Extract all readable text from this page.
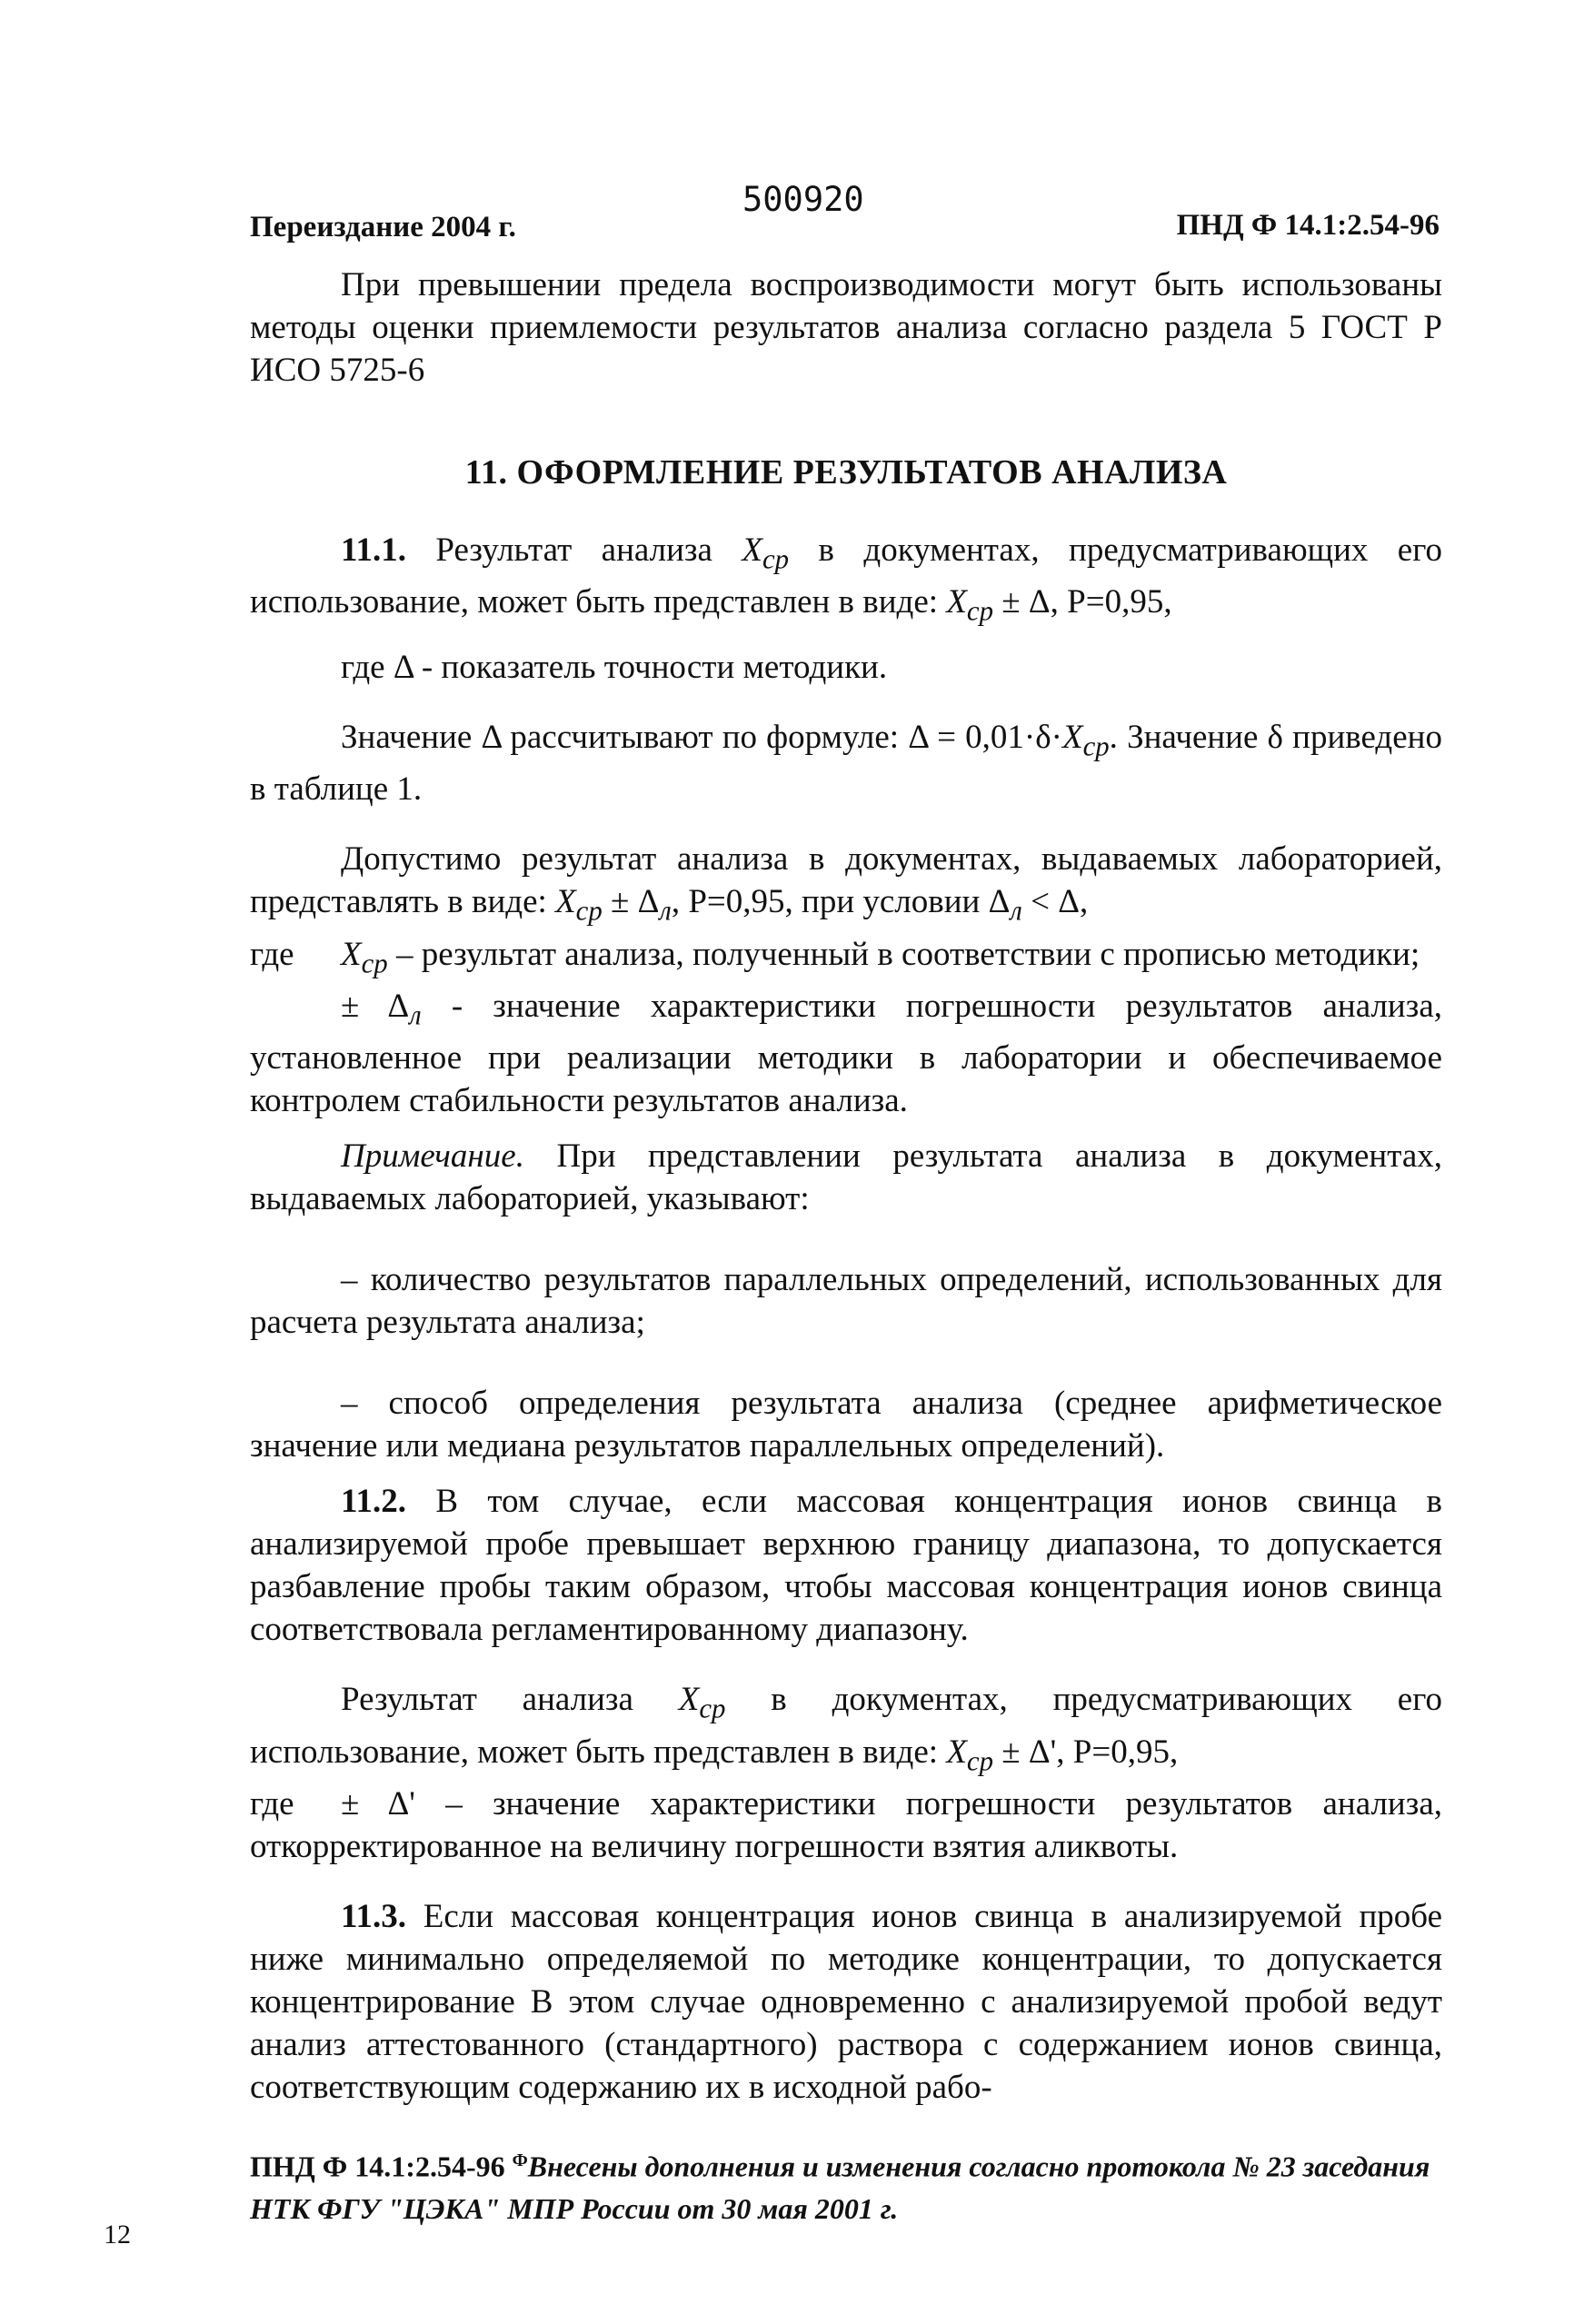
Переиздание 2004 г.
500920
ПНД Ф 14.1:2.54-96

При превышении предела воспроизводимости могут быть использованы методы оценки приемлемости результатов анализа согласно раздела 5 ГОСТ Р ИСО 5725-6

11. ОФОРМЛЕНИЕ РЕЗУЛЬТАТОВ АНАЛИЗА

11.1. Результат анализа $X_{ср}$ в документах, предусматривающих его использование, может быть представлен в виде: $X_{ср} \pm \Delta$, Р=0,95,

где Δ - показатель точности методики.

Значение Δ рассчитывают по формуле: $\Delta = 0,01\cdot\delta\cdot X_{ср}$. Значение δ приведено в таблице 1.

Допустимо результат анализа в документах, выдаваемых лабораторией, представлять в виде: $X_{ср} \pm \Delta_л$, Р=0,95, при условии $\Delta_л < \Delta$,

где $X_{ср}$ – результат анализа, полученный в соответствии с прописью методики;

± $\Delta_л$ - значение характеристики погрешности результатов анализа, установленное при реализации методики в лаборатории и обеспечиваемое контролем стабильности результатов анализа.

Примечание. При представлении результата анализа в документах, выдаваемых лабораторией, указывают:

– количество результатов параллельных определений, использованных для расчета результата анализа;

– способ определения результата анализа (среднее арифметическое значение или медиана результатов параллельных определений).

11.2. В том случае, если массовая концентрация ионов свинца в анализируемой пробе превышает верхнюю границу диапазона, то допускается разбавление пробы таким образом, чтобы массовая концентрация ионов свинца соответствовала регламентированному диапазону.

Результат анализа $X_{ср}$ в документах, предусматривающих его использование, может быть представлен в виде: $X_{ср} \pm \Delta'$, Р=0,95,

где ± Δ' – значение характеристики погрешности результатов анализа, откорректированное на величину погрешности взятия аликвоты.

11.3. Если массовая концентрация ионов свинца в анализируемой пробе ниже минимально определяемой по методике концентрации, то допускается концентрирование В этом случае одновременно с анализируемой пробой ведут анализ аттестованного (стандартного) раствора с содержанием ионов свинца, соответствующим содержанию их в исходной рабо-

ПНД Ф 14.1:2.54-96 $^Ф$Внесены дополнения и изменения согласно протокола № 23 заседания НТК ФГУ "ЦЭКА" МПР России от 30 мая 2001 г.
12
